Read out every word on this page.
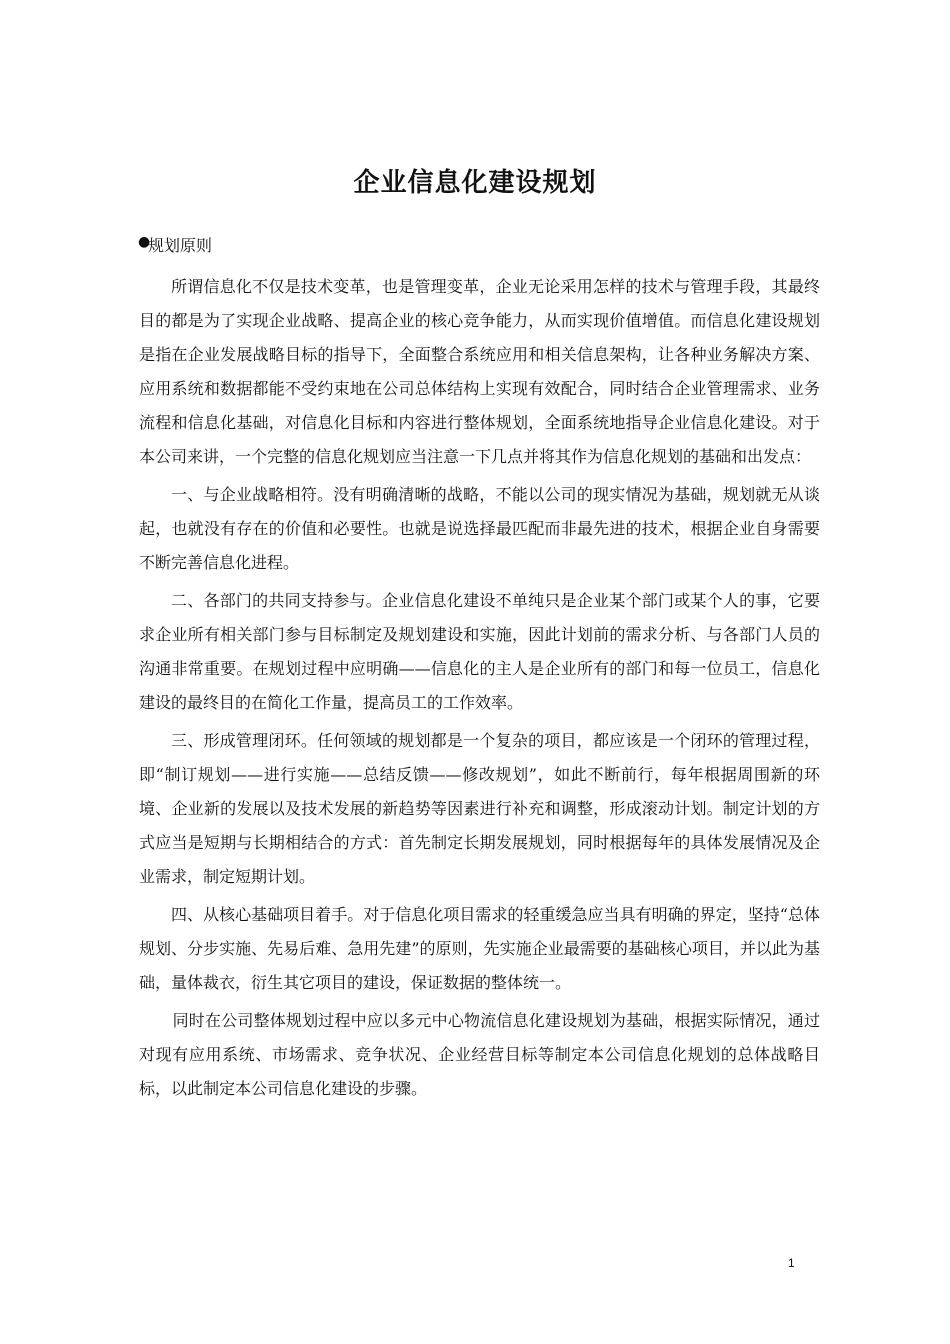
企业信息化建设规划
●
规划原则

所谓信息化不仅是技术变革，也是管理变革，企业无论采用怎样的技术与管理手段，其最终目的都是为了实现企业战略、提高企业的核心竞争能力，从而实现价值增值。而信息化建设规划是指在企业发展战略目标的指导下，全面整合系统应用和相关信息架构，让各种业务解决方案、应用系统和数据都能不受约束地在公司总体结构上实现有效配合，同时结合企业管理需求、业务流程和信息化基础，对信息化目标和内容进行整体规划，全面系统地指导企业信息化建设。对于本公司来讲，一个完整的信息化规划应当注意一下几点并将其作为信息化规划的基础和出发点：

一、与企业战略相符。没有明确清晰的战略，不能以公司的现实情况为基础，规划就无从谈起，也就没有存在的价值和必要性。也就是说选择最匹配而非最先进的技术，根据企业自身需要不断完善信息化进程。

二、各部门的共同支持参与。企业信息化建设不单纯只是企业某个部门或某个人的事，它要求企业所有相关部门参与目标制定及规划建设和实施，因此计划前的需求分析、与各部门人员的沟通非常重要。在规划过程中应明确——信息化的主人是企业所有的部门和每一位员工，信息化建设的最终目的在简化工作量，提高员工的工作效率。

三、形成管理闭环。任何领域的规划都是一个复杂的项目，都应该是一个闭环的管理过程，即“制订规划——进行实施——总结反馈——修改规划”，如此不断前行，每年根据周围新的环境、企业新的发展以及技术发展的新趋势等因素进行补充和调整，形成滚动计划。制定计划的方式应当是短期与长期相结合的方式：首先制定长期发展规划，同时根据每年的具体发展情况及企业需求，制定短期计划。

四、从核心基础项目着手。对于信息化项目需求的轻重缓急应当具有明确的界定，坚持“总体规划、分步实施、先易后难、急用先建”的原则，先实施企业最需要的基础核心项目，并以此为基础，量体裁衣，衍生其它项目的建设，保证数据的整体统一。

同时在公司整体规划过程中应以多元中心物流信息化建设规划为基础，根据实际情况，通过对现有应用系统、市场需求、竞争状况、企业经营目标等制定本公司信息化规划的总体战略目标，以此制定本公司信息化建设的步骤。

1
